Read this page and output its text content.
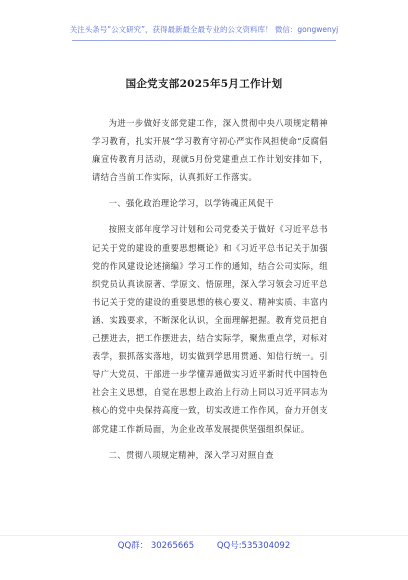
关注头条号“公文研究”，获得最新最全最专业的公文资料库！ 微信：gongwenyj
国企党支部2025年5月工作计划

为进一步做好支部党建工作，深入贯彻中央八项规定精神学习教育，扎实开展“学习教育守初心严实作风担使命”反腐倡廉宣传教育月活动，现就5月份党建重点工作计划安排如下，请结合当前工作实际，认真抓好工作落实。

一、强化政治理论学习，以学铸魂正风促干

按照支部年度学习计划和公司党委关于做好《习近平总书记关于党的建设的重要思想概论》和《习近平总书记关于加强党的作风建设论述摘编》学习工作的通知，结合公司实际，组织党员认真读原著、学原文、悟原理，深入学习领会习近平总书记关于党的建设的重要思想的核心要义、精神实质、丰富内涵、实践要求，不断深化认识，全面理解把握。教育党员把自己摆进去，把工作摆进去，结合实际学，聚焦重点学，对标对表学，狠抓落实落地，切实做到学思用贯通、知信行统一。引导广大党员、干部进一步学懂弄通做实习近平新时代中国特色社会主义思想，自觉在思想上政治上行动上同以习近平同志为核心的党中央保持高度一致，切实改进工作作风，奋力开创支部党建工作新局面，为企业改革发展提供坚强组织保证。

二、贯彻八项规定精神，深入学习对照自查

QQ群： 30265665	QQ号:535304092
